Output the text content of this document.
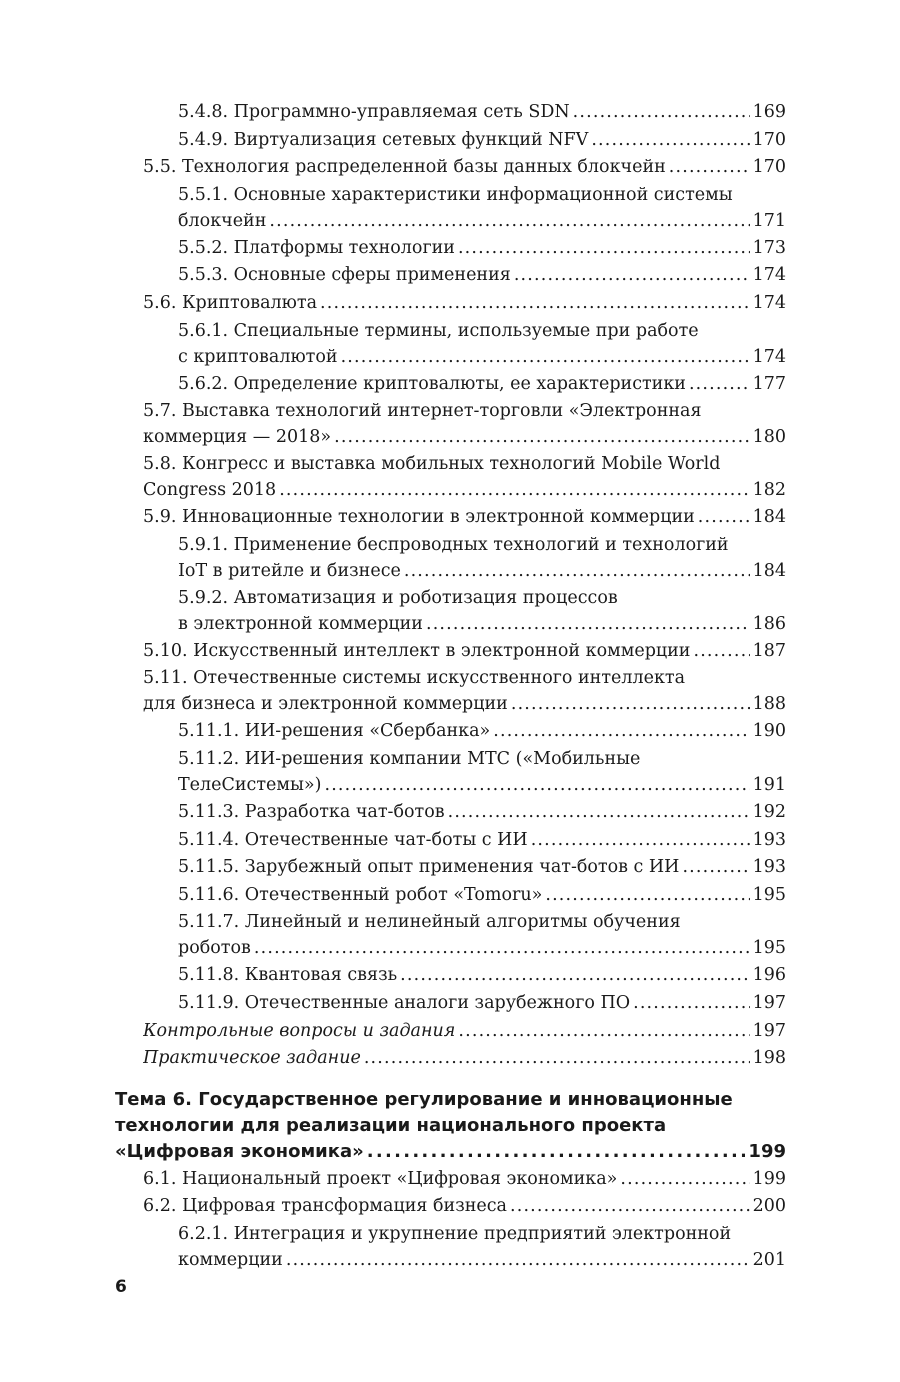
5.4.8. Программно-управляемая сеть SDN . . .	169
5.4.9. Виртуализация сетевых функций NFV . . .	170
5.5. Технология распределенной базы данных блокчейн . . .	170
5.5.1. Основные характеристики информационной системы
блокчейн . . .	171
5.5.2. Платформы технологии . . .	173
5.5.3. Основные сферы применения . . .	174
5.6. Криптовалюта . . .	174
5.6.1. Специальные термины, используемые при работе
с криптовалютой . . .	174
5.6.2. Определение криптовалюты, ее характеристики . . .	177
5.7. Выставка технологий интернет-торговли «Электронная
коммерция — 2018» . . .	180
5.8. Конгресс и выставка мобильных технологий Mobile World
Congress 2018 . . .	182
5.9. Инновационные технологии в электронной коммерции . . .	184
5.9.1. Применение беспроводных технологий и технологий
IoT в ритейле и бизнесе . . .	184
5.9.2. Автоматизация и роботизация процессов
в электронной коммерции . . .	186
5.10. Искусственный интеллект в электронной коммерции . . .	187
5.11. Отечественные системы искусственного интеллекта
для бизнеса и электронной коммерции . . .	188
5.11.1. ИИ-решения «Сбербанка» . . .	190
5.11.2. ИИ-решения компании МТС («Мобильные
ТелеСистемы») . . .	191
5.11.3. Разработка чат-ботов . . .	192
5.11.4. Отечественные чат-боты с ИИ . . .	193
5.11.5. Зарубежный опыт применения чат-ботов с ИИ . . .	193
5.11.6. Отечественный робот «Tomoru» . . .	195
5.11.7. Линейный и нелинейный алгоритмы обучения
роботов . . .	195
5.11.8. Квантовая связь . . .	196
5.11.9. Отечественные аналоги зарубежного ПО . . .	197
Контрольные вопросы и задания . . .	197
Практическое задание . . .	198
Тема 6. Государственное регулирование и инновационные
технологии для реализации национального проекта
«Цифровая экономика» . . .	199
6.1. Национальный проект «Цифровая экономика» . . .	199
6.2. Цифровая трансформация бизнеса . . .	200
6.2.1. Интеграция и укрупнение предприятий электронной
коммерции . . .	201
6
